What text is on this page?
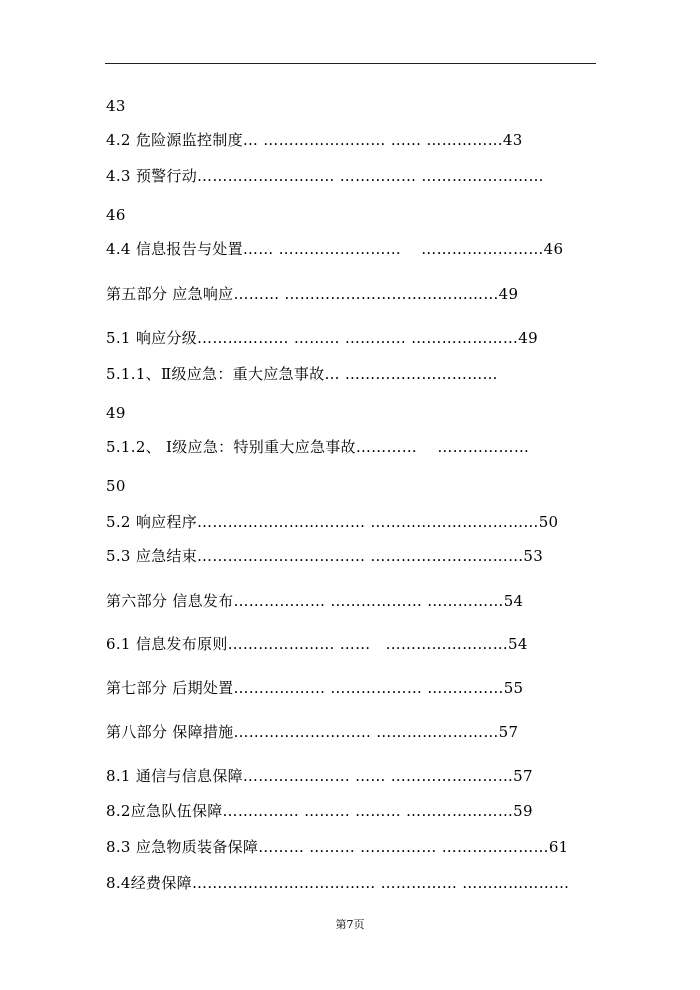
43
4.2 危险源监控制度… …………………… …… ……………43
4.3 预警行动……………………… …………… ……………………
46
4.4 信息报告与处置…… ……………………    ……………………46
第五部分 应急响应……… ……………………………………49
5.1 响应分级……………… ……… ………… …………………49
5.1.1、Ⅱ级应急：重大应急事故… …………………………
49
5.1.2、 Ⅰ级应急：特别重大应急事故…………    ………………
50
5.2 响应程序…………………………… ……………………………50
5.3 应急结束…………………………… …………………………53
第六部分 信息发布……………… ……………… ……………54
6.1 信息发布原则………………… ……   ……………………54
第七部分 后期处置……………… ……………… ……………55
第八部分 保障措施……………………… ……………………57
8.1 通信与信息保障………………… …… ……………………57
8.2应急队伍保障…………… ……… ……… …………………59
8.3 应急物质装备保障……… ……… …………… …………………61
8.4经费保障……………………………… …………… …………………
第7页
